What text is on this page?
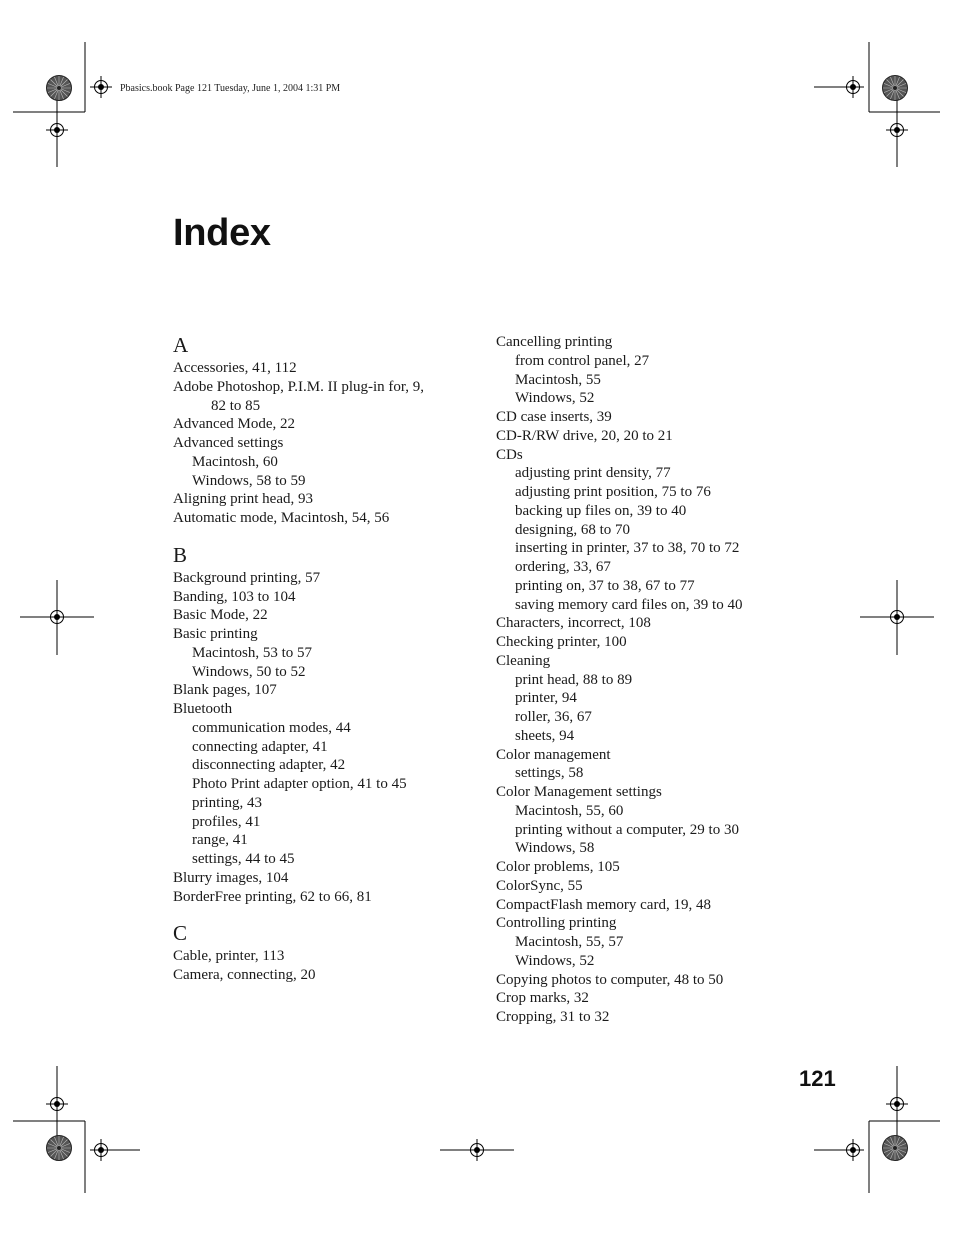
Pbasics.book Page 121 Tuesday, June 1, 2004 1:31 PM
Index
A
Accessories, 41, 112
Adobe Photoshop, P.I.M. II plug-in for, 9,
82 to 85
Advanced Mode, 22
Advanced settings
Macintosh, 60
Windows, 58 to 59
Aligning print head, 93
Automatic mode, Macintosh, 54, 56
B
Background printing, 57
Banding, 103 to 104
Basic Mode, 22
Basic printing
Macintosh, 53 to 57
Windows, 50 to 52
Blank pages, 107
Bluetooth
communication modes, 44
connecting adapter, 41
disconnecting adapter, 42
Photo Print adapter option, 41 to 45
printing, 43
profiles, 41
range, 41
settings, 44 to 45
Blurry images, 104
BorderFree printing, 62 to 66, 81
C
Cable, printer, 113
Camera, connecting, 20
Cancelling printing
from control panel, 27
Macintosh, 55
Windows, 52
CD case inserts, 39
CD-R/RW drive, 20, 20 to 21
CDs
adjusting print density, 77
adjusting print position, 75 to 76
backing up files on, 39 to 40
designing, 68 to 70
inserting in printer, 37 to 38, 70 to 72
ordering, 33, 67
printing on, 37 to 38, 67 to 77
saving memory card files on, 39 to 40
Characters, incorrect, 108
Checking printer, 100
Cleaning
print head, 88 to 89
printer, 94
roller, 36, 67
sheets, 94
Color management
settings, 58
Color Management settings
Macintosh, 55, 60
printing without a computer, 29 to 30
Windows, 58
Color problems, 105
ColorSync, 55
CompactFlash memory card, 19, 48
Controlling printing
Macintosh, 55, 57
Windows, 52
Copying photos to computer, 48 to 50
Crop marks, 32
Cropping, 31 to 32
121
